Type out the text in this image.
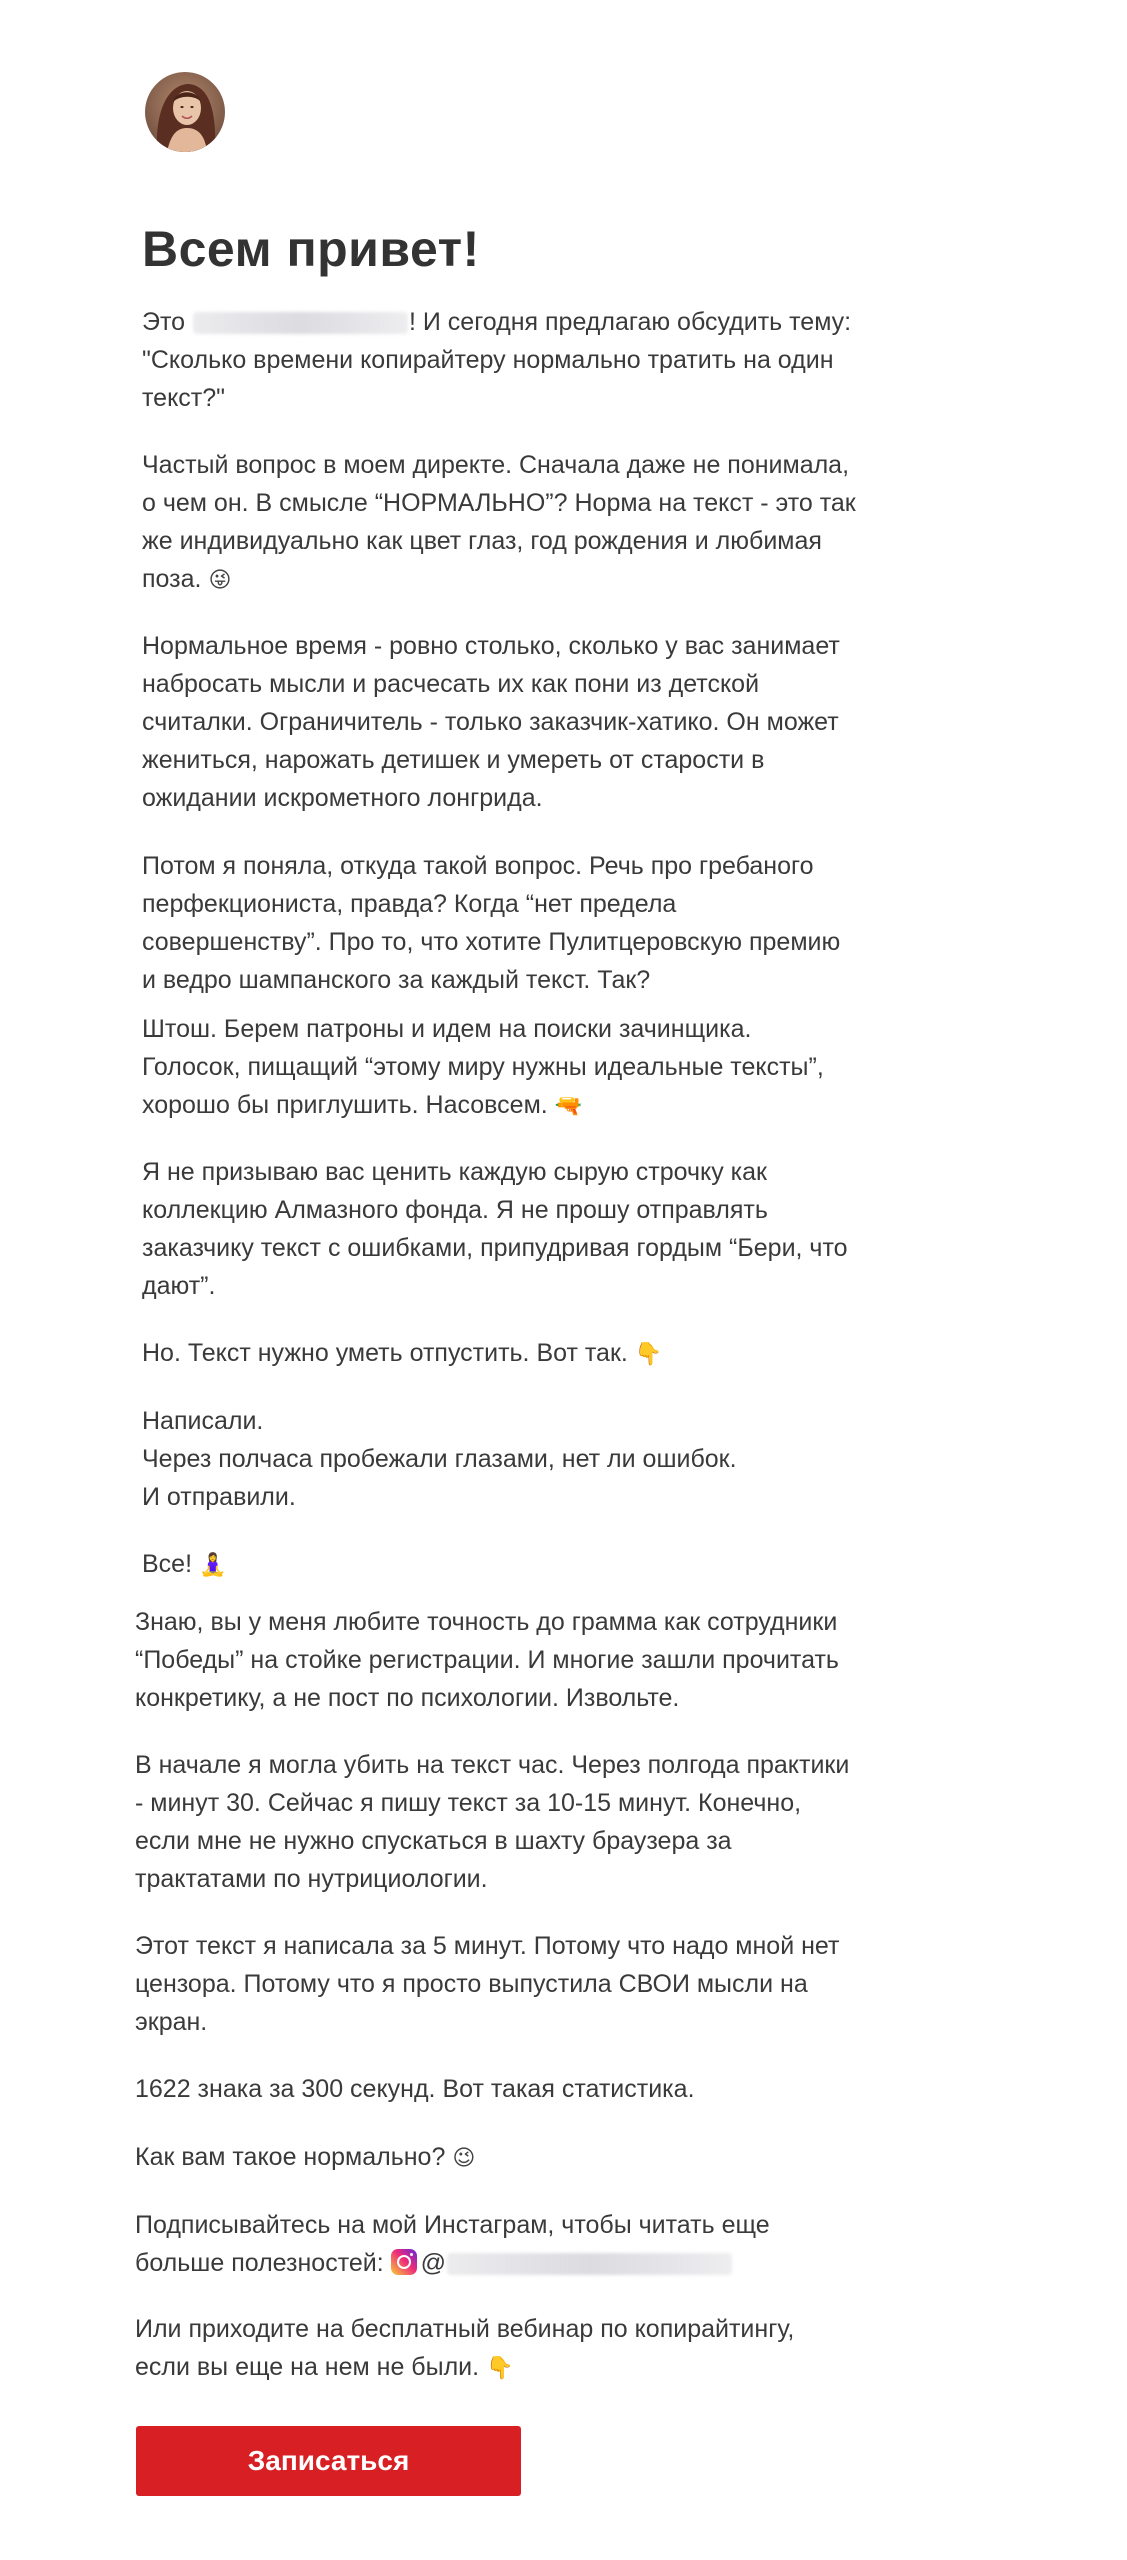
Всем привет!
Это	! И сегодня предлагаю обсудить тему:
"Сколько времени копирайтеру нормально тратить на один
текст?"
Частый вопрос в моем директе. Сначала даже не понимала,
о чем он. В смысле “НОРМАЛЬНО”? Норма на текст - это так
же индивидуально как цвет глаз, год рождения и любимая
поза. 😜
Нормальное время - ровно столько, сколько у вас занимает
набросать мысли и расчесать их как пони из детской
считалки. Ограничитель - только заказчик-хатико. Он может
жениться, нарожать детишек и умереть от старости в
ожидании искрометного лонгрида.
Потом я поняла, откуда такой вопрос. Речь про гребаного
перфекциониста, правда? Когда “нет предела
совершенству”. Про то, что хотите Пулитцеровскую премию
и ведро шампанского за каждый текст. Так?
Штош. Берем патроны и идем на поиски зачинщика.
Голосок, пищащий “этому миру нужны идеальные тексты”,
хорошо бы приглушить. Насовсем. 🔫
Я не призываю вас ценить каждую сырую строчку как
коллекцию Алмазного фонда. Я не прошу отправлять
заказчику текст с ошибками, припудривая гордым “Бери, что
дают”.
Но. Текст нужно уметь отпустить. Вот так. 👇
Написали.
Через полчаса пробежали глазами, нет ли ошибок.
И отправили.
Все! 🧘‍♀
Знаю, вы у меня любите точность до грамма как сотрудники
“Победы” на стойке регистрации. И многие зашли прочитать
конкретику, а не пост по психологии. Извольте.
В начале я могла убить на текст час. Через полгода практики
- минут 30. Сейчас я пишу текст за 10-15 минут. Конечно,
если мне не нужно спускаться в шахту браузера за
трактатами по нутрициологии.
Этот текст я написала за 5 минут. Потому что надо мной нет
цензора. Потому что я просто выпустила СВОИ мысли на
экран.
1622 знака за 300 секунд. Вот такая статистика.
Как вам такое нормально? 😉
Подписывайтесь на мой Инстаграм, чтобы читать еще
больше полезностей: @
Или приходите на бесплатный вебинар по копирайтингу,
если вы еще на нем не были. 👇
Записаться
